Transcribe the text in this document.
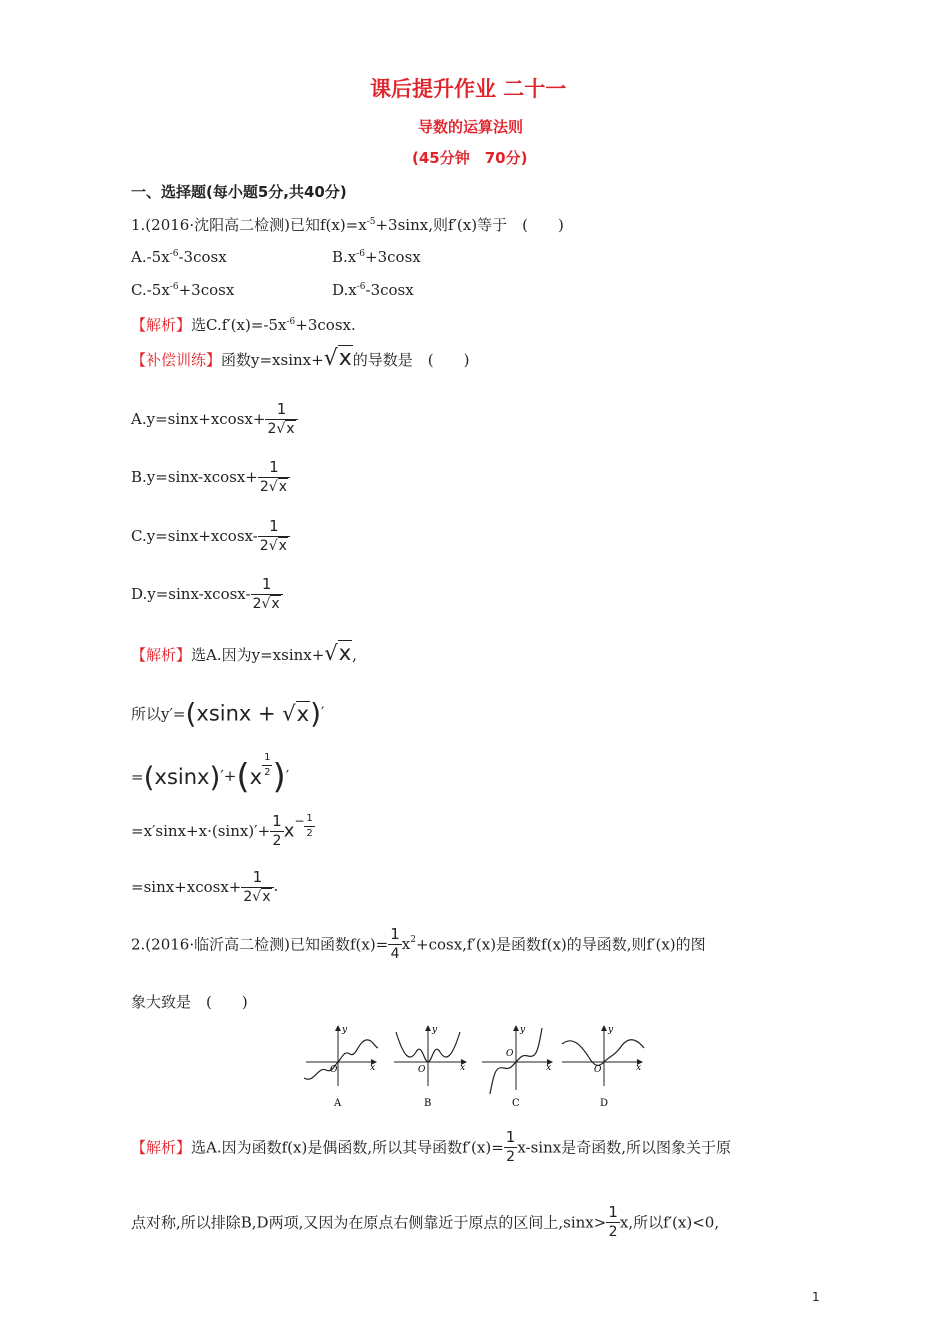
课后提升作业 二十一
导数的运算法则
(45分钟　70分)
一、选择题(每小题5分,共40分)
1.(2016·沈阳高二检测)已知$f(x)=x^{-5}+3\sin x$,则f′(x)等于　(　　)
$A.-5x^{-6}-3\cos x$	$B.x^{-6}+3\cos x$
$C.-5x^{-6}+3\cos x$	$D.x^{-6}-3\cos x$
【解析】选$C.f'(x)=-5x^{-6}+3\cos x$.
【补偿训练】函数y=xsinx+√x的导数是　(　　)
$A.y=\sin x+xcosx+ \frac{1}{2√x}$
$B.y=\sin x-xcosx+ \frac{1}{2√x}$
$C.y=\sin x+xcosx- \frac{1}{2√x}$
$D.y=\sin x-xcosx- \frac{1}{2√x}$
【解析】选A.因为y=xsinx+√x,
所以y′=(xsinx + √x)′
$=(xsinx)'+(x \frac{1}{2}$ )′
$=x'\sin x+x\cdot(\sin x)'+ \frac{1}{2} x^- \frac{1}{2}$
$=\sin x+xcosx+ \frac{1}{2√x}$ .
2.(2016·临沂高二检测)已知函数$f(x)= \frac{1}{4} x^2+\cos x,f'(x)$是函数f(x)的导函数,则f′(x)的图
象大致是　(　　)
y
x
O
A
y
x
O
B
y
x
O
C
y
x
O
D
【解析】选A.因为函数f(x)是偶函数,所以其导函数$f'(x)= \frac{1}{2} x-\sin x$是奇函数,所以图象关于原
点对称,所以排除B,D两项,又因为在原点右侧靠近于原点的区间上$,\sin x> \frac{1}{2} x$,所以f′(x)<0,
1
